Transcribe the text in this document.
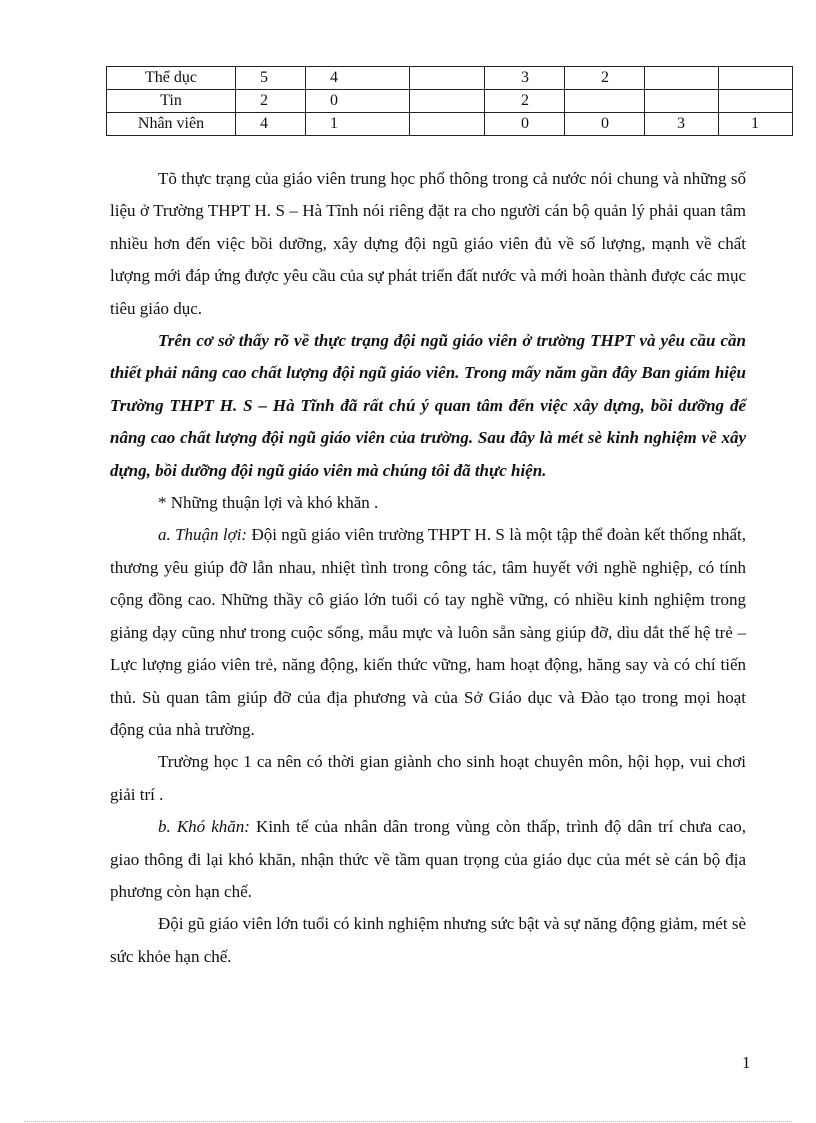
Thể dục	5	4		3	2		
Tin	2	0		2			
Nhân viên	4	1		0	0	3	1

Tõ thực trạng của giáo viên trung học phổ thông trong cả nước nói chung và những số liệu ở Trường THPT H. S – Hà Tĩnh nói riêng đặt ra cho người cán bộ quản lý phải quan tâm nhiều hơn đến việc bồi dưỡng, xây dựng đội ngũ giáo viên đủ về số lượng, mạnh về chất lượng mới đáp ứng được yêu cầu của sự phát triển đất nước và mới hoàn thành được các mục tiêu giáo dục.

Trên cơ sở thấy rõ về thực trạng đội ngũ giáo viên ở trường THPT và yêu cầu cần thiết phải nâng cao chất lượng đội ngũ giáo viên. Trong mấy năm gần đây Ban giám hiệu Trường THPT H. S – Hà Tĩnh đã rất chú ý quan tâm đến việc xây dựng, bồi dưỡng để nâng cao chất lượng đội ngũ giáo viên của trường. Sau đây là mét sè kinh nghiệm về xây dựng, bồi dưỡng đội ngũ giáo viên mà chúng tôi đã thực hiện.

* Những thuận lợi và khó khăn .

a. Thuận lợi: Đội ngũ giáo viên trường THPT H. S là một tập thể đoàn kết thống nhất, thương yêu giúp đỡ lẫn nhau, nhiệt tình trong công tác, tâm huyết với nghề nghiệp, có tính cộng đồng cao. Những thầy cô giáo lớn tuổi có tay nghề vững, có nhiều kinh nghiệm trong giảng dạy cũng như trong cuộc sống, mẫu mực và luôn sẵn sàng giúp đỡ, dìu dắt thế hệ trẻ – Lực lượng giáo viên trẻ, năng động, kiến thức vững, ham hoạt động, hăng say và có chí tiến thủ. Sù quan tâm giúp đỡ của địa phương và của Sở Giáo dục và Đào tạo trong mọi hoạt động của nhà trường.

Trường học 1 ca nên có thời gian giành cho sinh hoạt chuyên môn, hội họp, vui chơi giải trí .

b. Khó khăn: Kinh tế của nhân dân trong vùng còn thấp, trình độ dân trí chưa cao, giao thông đi lại khó khăn, nhận thức về tầm quan trọng của giáo dục của mét sè cán bộ địa phương còn hạn chế.

Đội gũ giáo viên lớn tuổi có kinh nghiệm nhưng sức bật và sự năng động giảm, mét sè sức khỏe hạn chế.

1
